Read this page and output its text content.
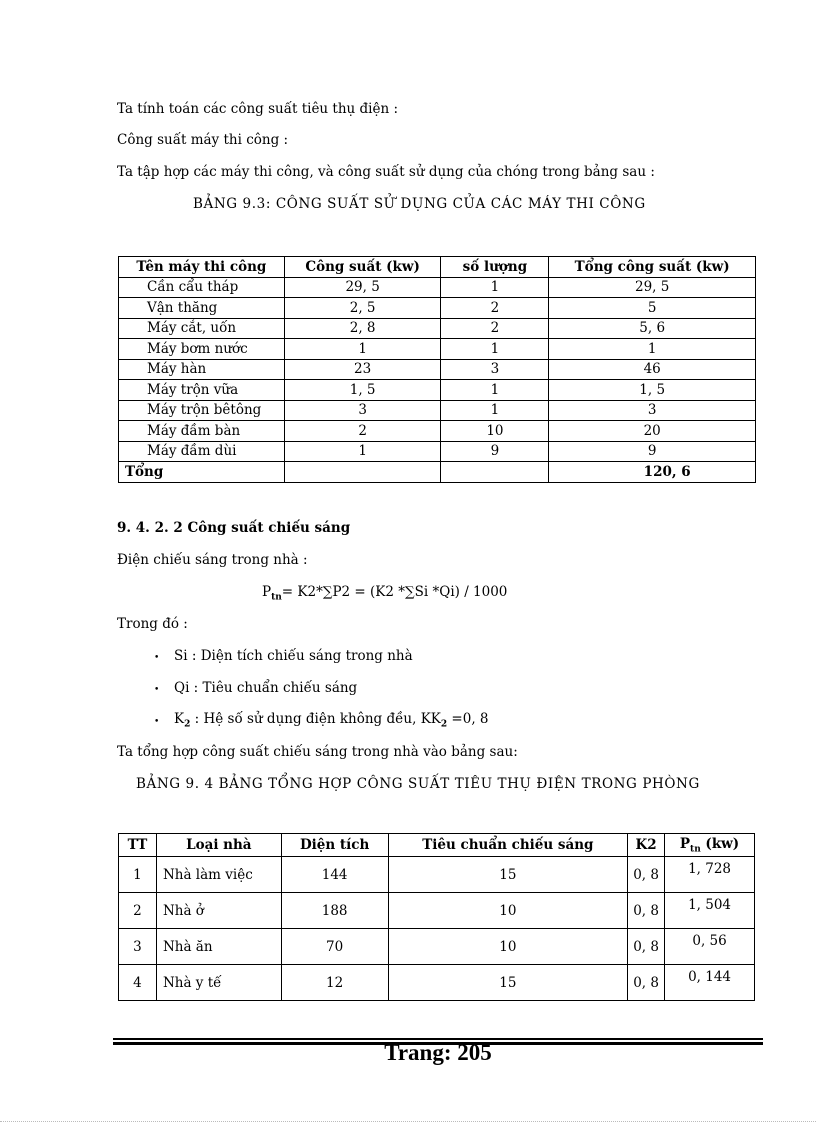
Ta tính toán các công suất tiêu thụ điện :
Công suất máy thi công :
Ta tập hợp các máy thi công, và công suất sử dụng của chóng trong bảng sau :
BẢNG 9.3: CÔNG SUẤT SỬ DỤNG CỦA CÁC MÁY THI CÔNG
Tên máy thi công	Công suất (kw)	số lượng	Tổng công suất (kw)
Cần cẩu tháp	29, 5	1	29, 5
Vận thăng	2, 5	2	5
Máy cắt, uốn	2, 8	2	5, 6
Máy bơm nước	1	1	1
Máy hàn	23	3	46
Máy trộn vữa	1, 5	1	1, 5
Máy trộn bêtông	3	1	3
Máy đầm bàn	2	10	20
Máy đầm dùi	1	9	9
Tổng			120, 6
9. 4. 2. 2 Công suất chiếu sáng
Điện chiếu sáng trong nhà :
$P_{tn}= K2*\sum P2 = (K2$ *∑Si *Qi) / 1000
Trong đó :
• Si : Diện tích chiếu sáng trong nhà
• Qi : Tiêu chuẩn chiếu sáng
• $K_2$ : Hệ số sử dụng điện không đều, $KK_2 =0$, 8
Ta tổng hợp công suất chiếu sáng trong nhà vào bảng sau:
BẢNG 9. 4 BẢNG TỔNG HỢP CÔNG SUẤT TIÊU THỤ ĐIỆN TRONG PHÒNG
TT	Loại nhà	Diện tích	Tiêu chuẩn chiếu sáng	K2	$P_{tn}$ (kw)
1	Nhà làm việc	144	15	0, 8	1, 728
2	Nhà ở	188	10	0, 8	1, 504
3	Nhà ăn	70	10	0, 8	0, 56
4	Nhà y tế	12	15	0, 8	0, 144
Trang: 205
